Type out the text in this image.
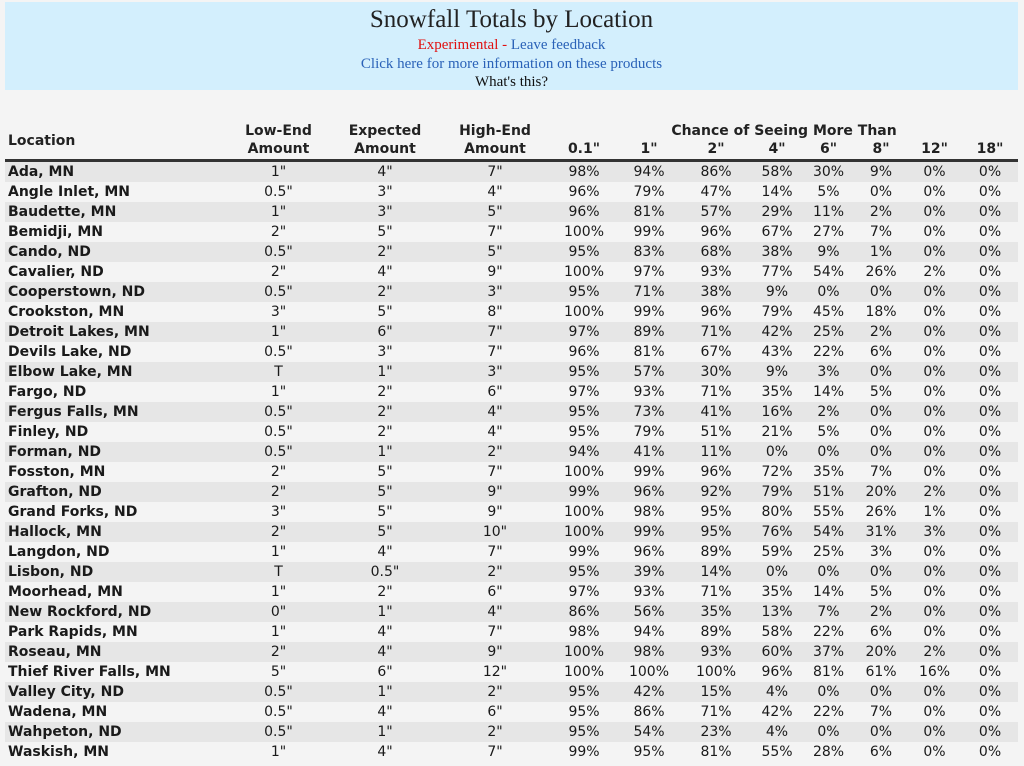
Snowfall Totals by Location
Experimental - Leave feedback
Click here for more information on these products
What's this?
Location	Low-End	Expected	High-End	Chance of Seeing More Than							
	Amount	Amount	Amount	0.1"	1"	2"	4"	6"	8"	12"	18"
Ada, MN	1"	4"	7"	98%	94%	86%	58%	30%	9%	0%	0%
Angle Inlet, MN	0.5"	3"	4"	96%	79%	47%	14%	5%	0%	0%	0%
Baudette, MN	1"	3"	5"	96%	81%	57%	29%	11%	2%	0%	0%
Bemidji, MN	2"	5"	7"	100%	99%	96%	67%	27%	7%	0%	0%
Cando, ND	0.5"	2"	5"	95%	83%	68%	38%	9%	1%	0%	0%
Cavalier, ND	2"	4"	9"	100%	97%	93%	77%	54%	26%	2%	0%
Cooperstown, ND	0.5"	2"	3"	95%	71%	38%	9%	0%	0%	0%	0%
Crookston, MN	3"	5"	8"	100%	99%	96%	79%	45%	18%	0%	0%
Detroit Lakes, MN	1"	6"	7"	97%	89%	71%	42%	25%	2%	0%	0%
Devils Lake, ND	0.5"	3"	7"	96%	81%	67%	43%	22%	6%	0%	0%
Elbow Lake, MN	T	1"	3"	95%	57%	30%	9%	3%	0%	0%	0%
Fargo, ND	1"	2"	6"	97%	93%	71%	35%	14%	5%	0%	0%
Fergus Falls, MN	0.5"	2"	4"	95%	73%	41%	16%	2%	0%	0%	0%
Finley, ND	0.5"	2"	4"	95%	79%	51%	21%	5%	0%	0%	0%
Forman, ND	0.5"	1"	2"	94%	41%	11%	0%	0%	0%	0%	0%
Fosston, MN	2"	5"	7"	100%	99%	96%	72%	35%	7%	0%	0%
Grafton, ND	2"	5"	9"	99%	96%	92%	79%	51%	20%	2%	0%
Grand Forks, ND	3"	5"	9"	100%	98%	95%	80%	55%	26%	1%	0%
Hallock, MN	2"	5"	10"	100%	99%	95%	76%	54%	31%	3%	0%
Langdon, ND	1"	4"	7"	99%	96%	89%	59%	25%	3%	0%	0%
Lisbon, ND	T	0.5"	2"	95%	39%	14%	0%	0%	0%	0%	0%
Moorhead, MN	1"	2"	6"	97%	93%	71%	35%	14%	5%	0%	0%
New Rockford, ND	0"	1"	4"	86%	56%	35%	13%	7%	2%	0%	0%
Park Rapids, MN	1"	4"	7"	98%	94%	89%	58%	22%	6%	0%	0%
Roseau, MN	2"	4"	9"	100%	98%	93%	60%	37%	20%	2%	0%
Thief River Falls, MN	5"	6"	12"	100%	100%	100%	96%	81%	61%	16%	0%
Valley City, ND	0.5"	1"	2"	95%	42%	15%	4%	0%	0%	0%	0%
Wadena, MN	0.5"	4"	6"	95%	86%	71%	42%	22%	7%	0%	0%
Wahpeton, ND	0.5"	1"	2"	95%	54%	23%	4%	0%	0%	0%	0%
Waskish, MN	1"	4"	7"	99%	95%	81%	55%	28%	6%	0%	0%
